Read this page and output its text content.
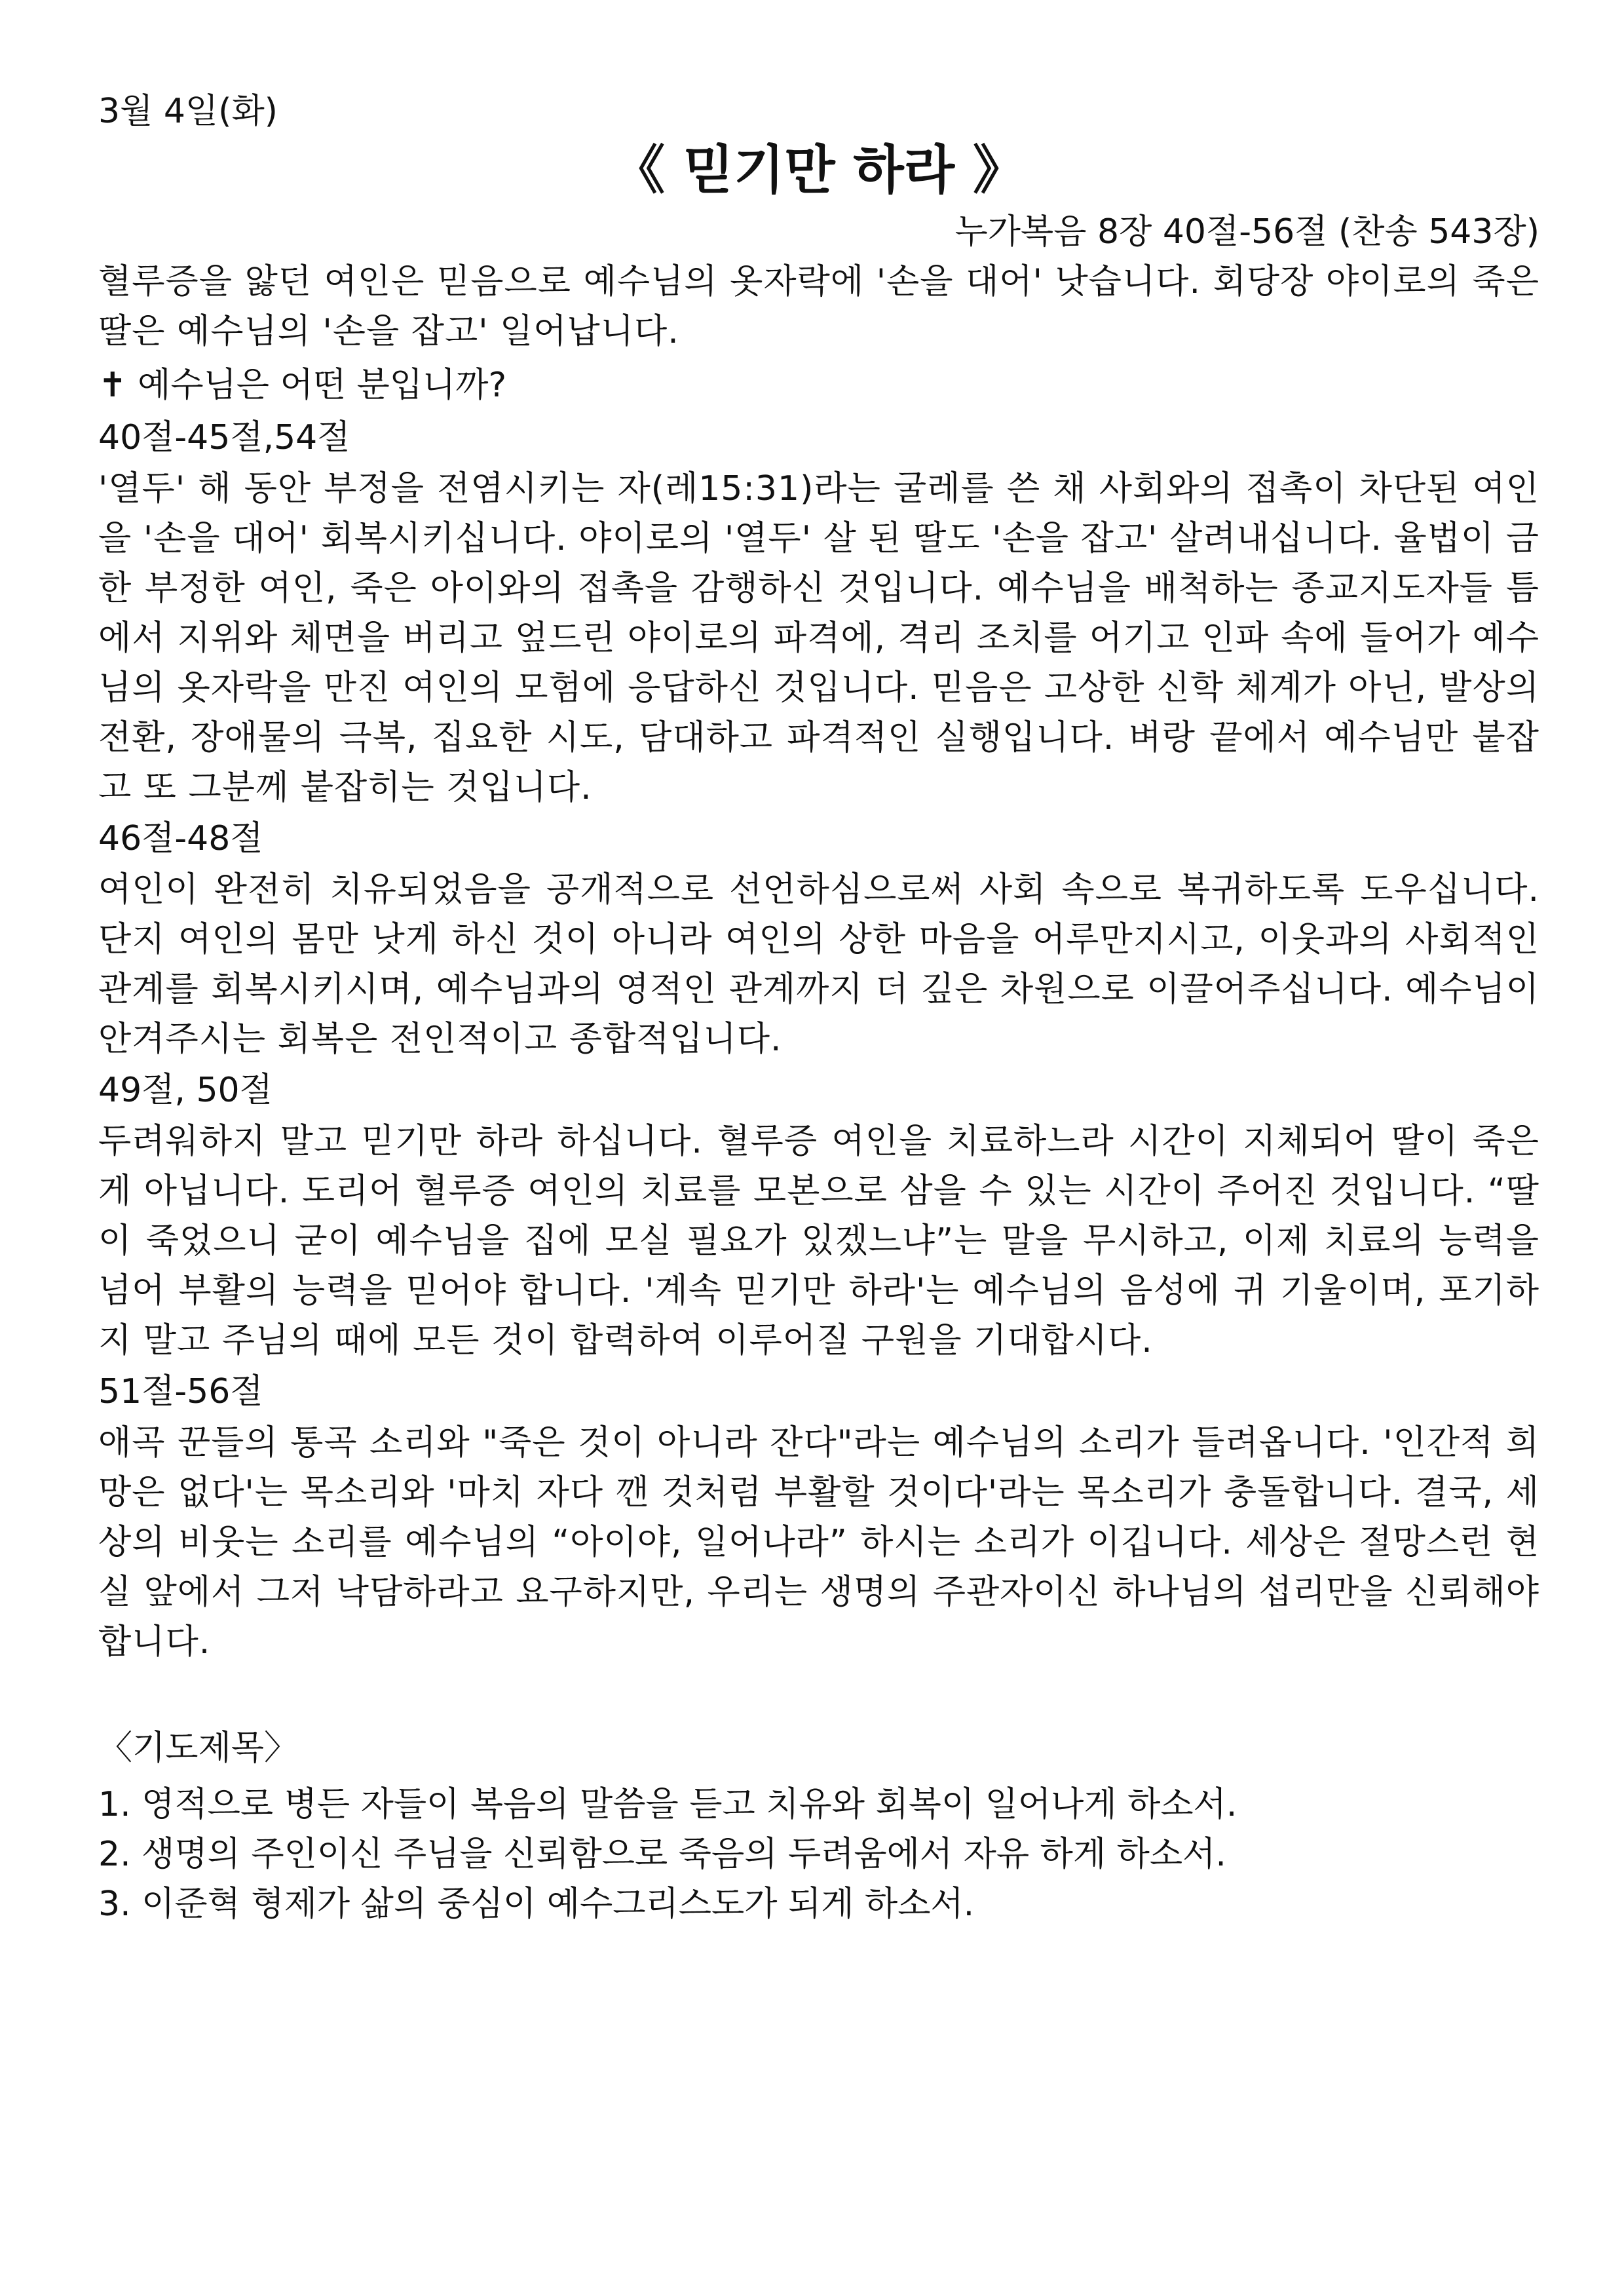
3월 4일(화)
《 믿기만 하라 》
누가복음 8장 40절-56절 (찬송 543장)

혈루증을 앓던 여인은 믿음으로 예수님의 옷자락에 '손을 대어' 낫습니다. 회당장 야이로의 죽은 딸은 예수님의 '손을 잡고' 일어납니다.

✝ 예수님은 어떤 분입니까?
40절-45절,54절

'열두' 해 동안 부정을 전염시키는 자(레15:31)라는 굴레를 쓴 채 사회와의 접촉이 차단된 여인을 '손을 대어' 회복시키십니다. 야이로의 '열두' 살 된 딸도 '손을 잡고' 살려내십니다. 율법이 금한 부정한 여인, 죽은 아이와의 접촉을 감행하신 것입니다. 예수님을 배척하는 종교지도자들 틈에서 지위와 체면을 버리고 엎드린 야이로의 파격에, 격리 조치를 어기고 인파 속에 들어가 예수님의 옷자락을 만진 여인의 모험에 응답하신 것입니다. 믿음은 고상한 신학 체계가 아닌, 발상의 전환, 장애물의 극복, 집요한 시도, 담대하고 파격적인 실행입니다. 벼랑 끝에서 예수님만 붙잡고 또 그분께 붙잡히는 것입니다.

46절-48절

여인이 완전히 치유되었음을 공개적으로 선언하심으로써 사회 속으로 복귀하도록 도우십니다. 단지 여인의 몸만 낫게 하신 것이 아니라 여인의 상한 마음을 어루만지시고, 이웃과의 사회적인 관계를 회복시키시며, 예수님과의 영적인 관계까지 더 깊은 차원으로 이끌어주십니다. 예수님이 안겨주시는 회복은 전인적이고 종합적입니다.

49절, 50절

두려워하지 말고 믿기만 하라 하십니다. 혈루증 여인을 치료하느라 시간이 지체되어 딸이 죽은 게 아닙니다. 도리어 혈루증 여인의 치료를 모본으로 삼을 수 있는 시간이 주어진 것입니다. “딸이 죽었으니 굳이 예수님을 집에 모실 필요가 있겠느냐”는 말을 무시하고, 이제 치료의 능력을 넘어 부활의 능력을 믿어야 합니다. '계속 믿기만 하라'는 예수님의 음성에 귀 기울이며, 포기하지 말고 주님의 때에 모든 것이 합력하여 이루어질 구원을 기대합시다.

51절-56절

애곡 꾼들의 통곡 소리와 "죽은 것이 아니라 잔다"라는 예수님의 소리가 들려옵니다. '인간적 희망은 없다'는 목소리와 '마치 자다 깬 것처럼 부활할 것이다'라는 목소리가 충돌합니다. 결국, 세상의 비웃는 소리를 예수님의 “아이야, 일어나라” 하시는 소리가 이깁니다. 세상은 절망스런 현실 앞에서 그저 낙담하라고 요구하지만, 우리는 생명의 주관자이신 하나님의 섭리만을 신뢰해야 합니다.

〈기도제목〉
1. 영적으로 병든 자들이 복음의 말씀을 듣고 치유와 회복이 일어나게 하소서.
2. 생명의 주인이신 주님을 신뢰함으로 죽음의 두려움에서 자유 하게 하소서.
3. 이준혁 형제가 삶의 중심이 예수그리스도가 되게 하소서.
